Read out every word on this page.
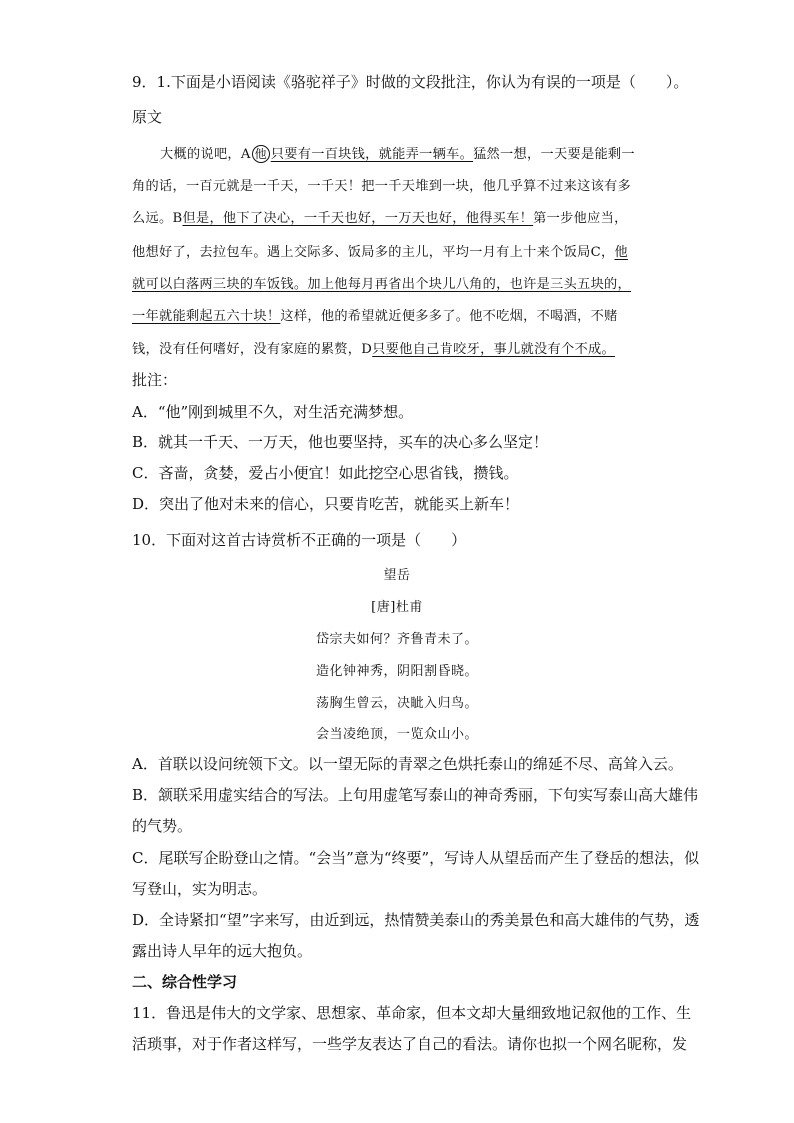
9．1.下面是小语阅读《骆驼祥子》时做的文段批注，你认为有误的一项是（　　）。
原文
大概的说吧，A 他 只要有一百块钱，就能弄一辆车。猛然一想，一天要是能剩一
角的话，一百元就是一千天，一千天！把一千天堆到一块，他几乎算不过来这该有多
么远。B但是，他下了决心，一千天也好，一万天也好，他得买车！第一步他应当，
他想好了，去拉包车。遇上交际多、饭局多的主儿，平均一月有上十来个饭局C，他
就可以白落两三块的车饭钱。加上他每月再省出个块儿八角的，也许是三头五块的，
一年就能剩起五六十块！这样，他的希望就近便多多了。他不吃烟，不喝酒，不赌
钱，没有任何嗜好，没有家庭的累赘，D只要他自己肯咬牙，事儿就没有个不成。
批注：
A．“他”刚到城里不久，对生活充满梦想。
B．就其一千天、一万天，他也要坚持，买车的决心多么坚定！
C．吝啬，贪婪，爱占小便宜！如此挖空心思省钱，攒钱。
D．突出了他对未来的信心，只要肯吃苦，就能买上新车！
10．下面对这首古诗赏析不正确的一项是（　　）
望岳
[唐]杜甫
岱宗夫如何？齐鲁青未了。
造化钟神秀，阴阳割昏晓。
荡胸生曾云，决眦入归鸟。
会当凌绝顶，一览众山小。
A．首联以设问统领下文。以一望无际的青翠之色烘托泰山的绵延不尽、高耸入云。
B．颔联采用虚实结合的写法。上句用虚笔写泰山的神奇秀丽，下句实写泰山高大雄伟
的气势。
C．尾联写企盼登山之情。“会当”意为“终要”，写诗人从望岳而产生了登岳的想法，似
写登山，实为明志。
D．全诗紧扣“望”字来写，由近到远，热情赞美泰山的秀美景色和高大雄伟的气势，透
露出诗人早年的远大抱负。
二、综合性学习
11．鲁迅是伟大的文学家、思想家、革命家，但本文却大量细致地记叙他的工作、生
活琐事，对于作者这样写，一些学友表达了自己的看法。请你也拟一个网名昵称，发
